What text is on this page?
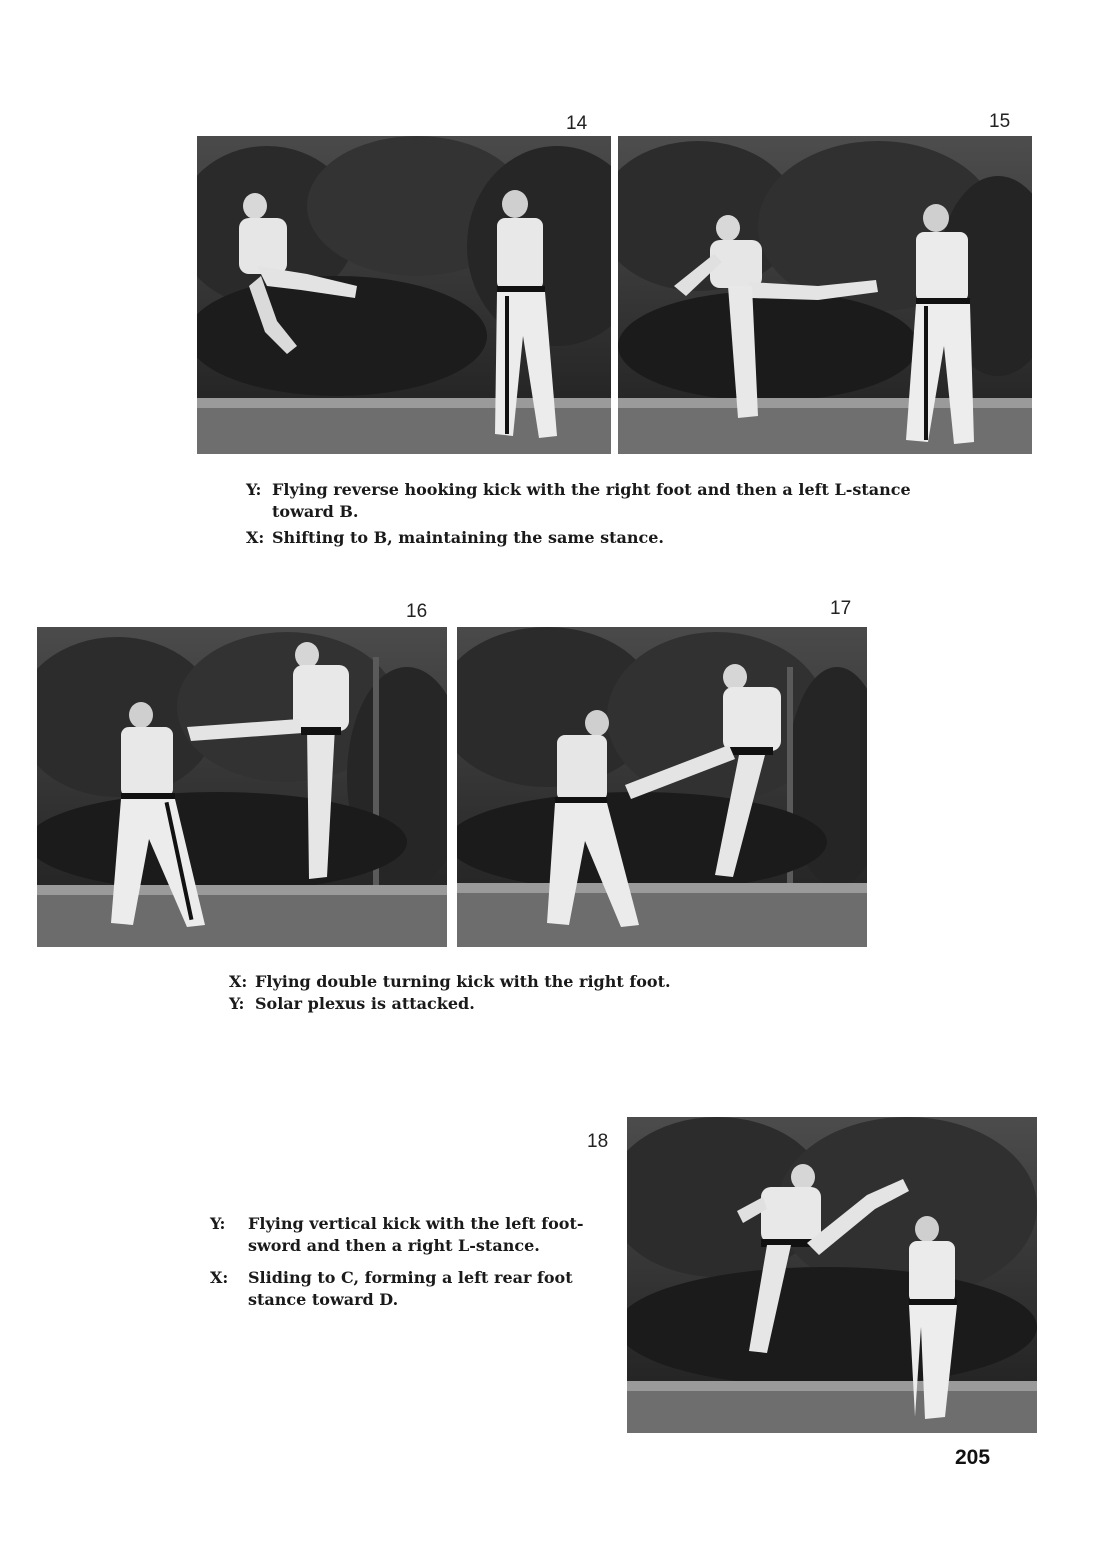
14	15
16	17
18
Y: Flying reverse hooking kick with the right foot and then a left L-stance toward B.
X: Shifting to B, maintaining the same stance.
X: Flying double turning kick with the right foot.
Y: Solar plexus is attacked.
Y: Flying vertical kick with the left foot-sword and then a right L-stance.
X: Sliding to C, forming a left rear foot stance toward D.
205
